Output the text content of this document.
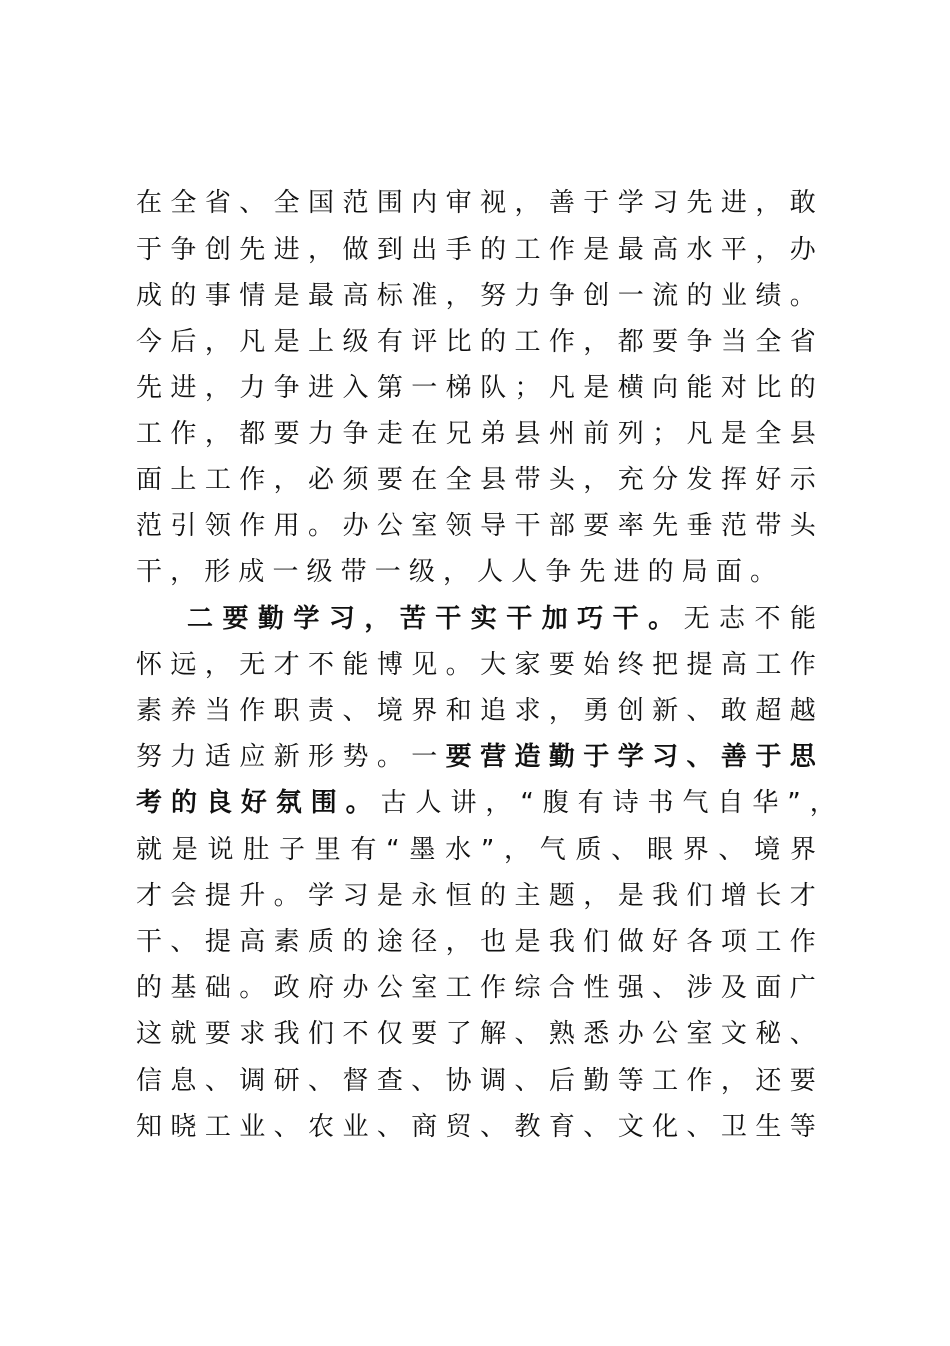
在 全 省 、 全 国 范 围 内 审 视 ， 善 于 学 习 先 进 ， 敢
于 争 创 先 进 ， 做 到 出 手 的 工 作 是 最 高 水 平 ， 办
成 的 事 情 是 最 高 标 准 ， 努 力 争 创 一 流 的 业 绩 。
今 后 ， 凡 是 上 级 有 评 比 的 工 作 ， 都 要 争 当 全 省
先 进 ， 力 争 进 入 第 一 梯 队 ； 凡 是 横 向 能 对 比 的
工 作 ， 都 要 力 争 走 在 兄 弟 县 州 前 列 ； 凡 是 全 县
面 上 工 作 ， 必 须 要 在 全 县 带 头 ， 充 分 发 挥 好 示
范 引 领 作 用 。 办 公 室 领 导 干 部 要 率 先 垂 范 带 头
干 ， 形 成 一 级 带 一 级 ， 人 人 争 先 进 的 局 面 。
二 要 勤 学 习 ， 苦 干 实 干 加 巧 干 。 无 志 不 能
怀 远 ， 无 才 不 能 博 见 。 大 家 要 始 终 把 提 高 工 作
素 养 当 作 职 责 、 境 界 和 追 求 ， 勇 创 新 、 敢 超 越
努 力 适 应 新 形 势 。 一 要 营 造 勤 于 学 习 、 善 于 思
考 的 良 好 氛 围 。 古 人 讲 ， “ 腹 有 诗 书 气 自 华 ” ，
就 是 说 肚 子 里 有 “ 墨 水 ” ， 气 质 、 眼 界 、 境 界
才 会 提 升 。 学 习 是 永 恒 的 主 题 ， 是 我 们 增 长 才
干 、 提 高 素 质 的 途 径 ， 也 是 我 们 做 好 各 项 工 作
的 基 础 。 政 府 办 公 室 工 作 综 合 性 强 、 涉 及 面 广
这 就 要 求 我 们 不 仅 要 了 解 、 熟 悉 办 公 室 文 秘 、
信 息 、 调 研 、 督 查 、 协 调 、 后 勤 等 工 作 ， 还 要
知 晓 工 业 、 农 业 、 商 贸 、 教 育 、 文 化 、 卫 生 等
